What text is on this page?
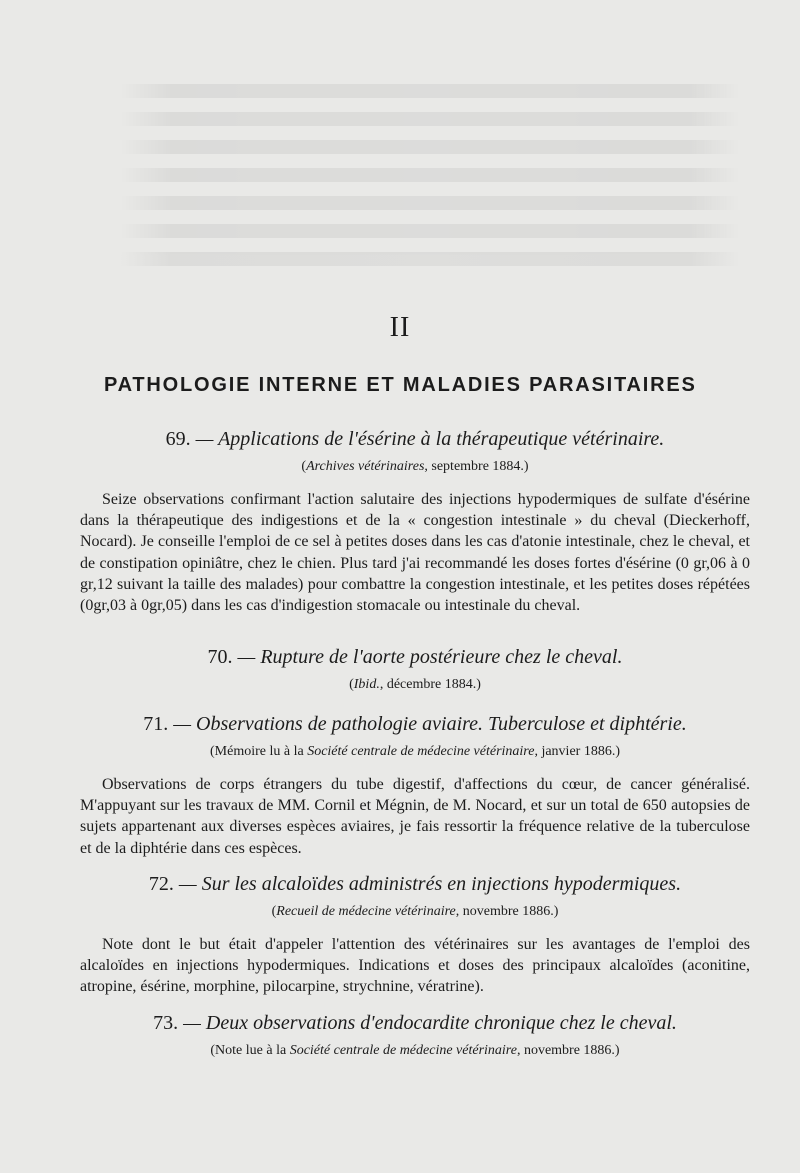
II
PATHOLOGIE INTERNE ET MALADIES PARASITAIRES
69. — Applications de l'ésérine à la thérapeutique vétérinaire.
(Archives vétérinaires, septembre 1884.)
Seize observations confirmant l'action salutaire des injections hypodermiques de sulfate d'ésérine dans la thérapeutique des indigestions et de la « congestion intestinale » du cheval (Dieckerhoff, Nocard). Je conseille l'emploi de ce sel à petites doses dans les cas d'atonie intestinale, chez le cheval, et de constipation opiniâtre, chez le chien. Plus tard j'ai recommandé les doses fortes d'ésérine (0 gr,06 à 0 gr,12 suivant la taille des malades) pour combattre la congestion intestinale, et les petites doses répétées (0gr,03 à 0gr,05) dans les cas d'indigestion stomacale ou intestinale du cheval.
70. — Rupture de l'aorte postérieure chez le cheval.
(Ibid., décembre 1884.)
71. — Observations de pathologie aviaire. Tuberculose et diphtérie.
(Mémoire lu à la Société centrale de médecine vétérinaire, janvier 1886.)
Observations de corps étrangers du tube digestif, d'affections du cœur, de cancer généralisé. M'appuyant sur les travaux de MM. Cornil et Mégnin, de M. Nocard, et sur un total de 650 autopsies de sujets appartenant aux diverses espèces aviaires, je fais ressortir la fréquence relative de la tuberculose et de la diphtérie dans ces espèces.
72. — Sur les alcaloïdes administrés en injections hypodermiques.
(Recueil de médecine vétérinaire, novembre 1886.)
Note dont le but était d'appeler l'attention des vétérinaires sur les avantages de l'emploi des alcaloïdes en injections hypodermiques. Indications et doses des principaux alcaloïdes (aconitine, atropine, ésérine, morphine, pilocarpine, strychnine, vératrine).
73. — Deux observations d'endocardite chronique chez le cheval.
(Note lue à la Société centrale de médecine vétérinaire, novembre 1886.)
